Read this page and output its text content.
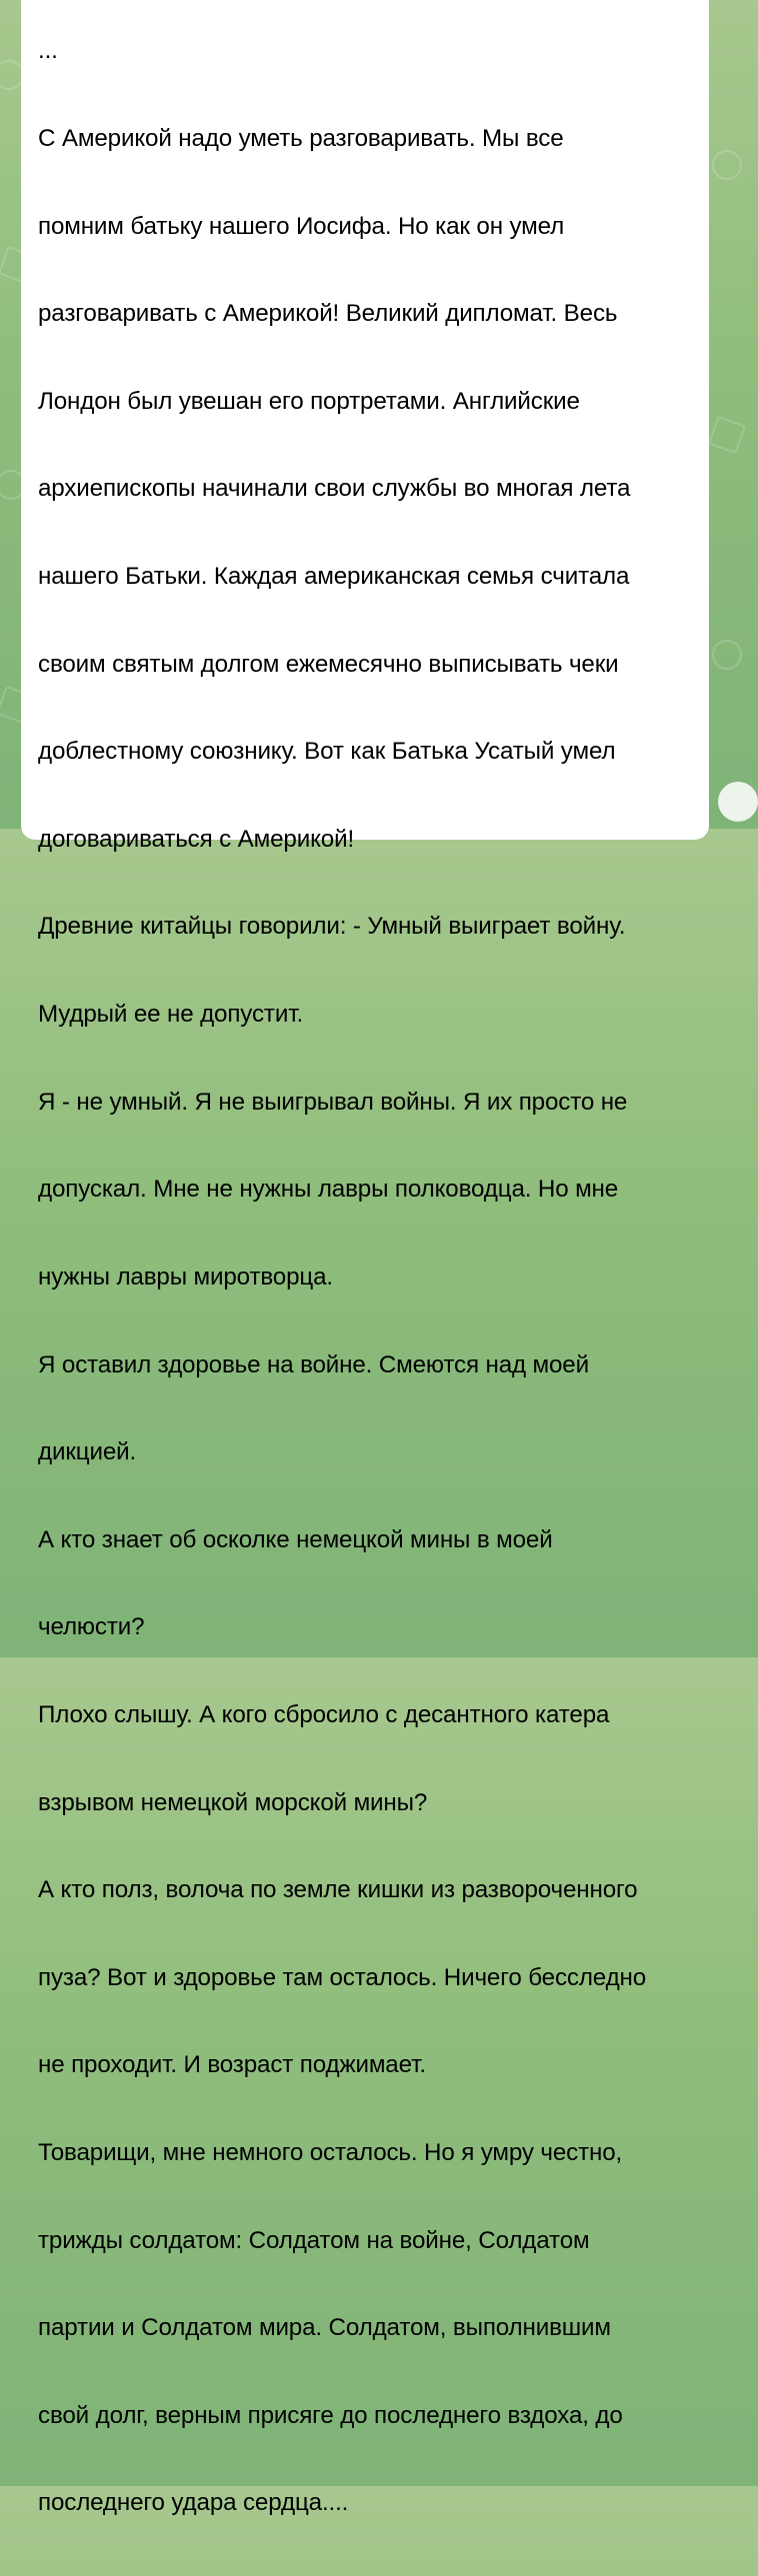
...

С Америкой надо уметь разговаривать. Мы все

помним батьку нашего Иосифа. Но как он умел

разговаривать с Америкой! Великий дипломат. Весь

Лондон был увешан его портретами. Английские

архиепископы начинали свои службы во многая лета

нашего Батьки. Каждая американская семья считала

своим святым долгом ежемесячно выписывать чеки

доблестному союзнику. Вот как Батька Усатый умел

договариваться с Америкой!

Древние китайцы говорили: - Умный выиграет войну.

Мудрый ее не допустит.

Я - не умный. Я не выигрывал войны. Я их просто не

допускал. Мне не нужны лавры полководца. Но мне

нужны лавры миротворца.

Я оставил здоровье на войне. Смеются над моей

дикцией.

А кто знает об осколке немецкой мины в моей

челюсти?

Плохо слышу. А кого сбросило с десантного катера

взрывом немецкой морской мины?

А кто полз, волоча по земле кишки из развороченного

пуза? Вот и здоровье там осталось. Ничего бесследно

не проходит. И возраст поджимает.

Товарищи, мне немного осталось. Но я умру честно,

трижды солдатом: Солдатом на войне, Солдатом

партии и Солдатом мира. Солдатом, выполнившим

свой долг, верным присяге до последнего вздоха, до

последнего удара сердца....
